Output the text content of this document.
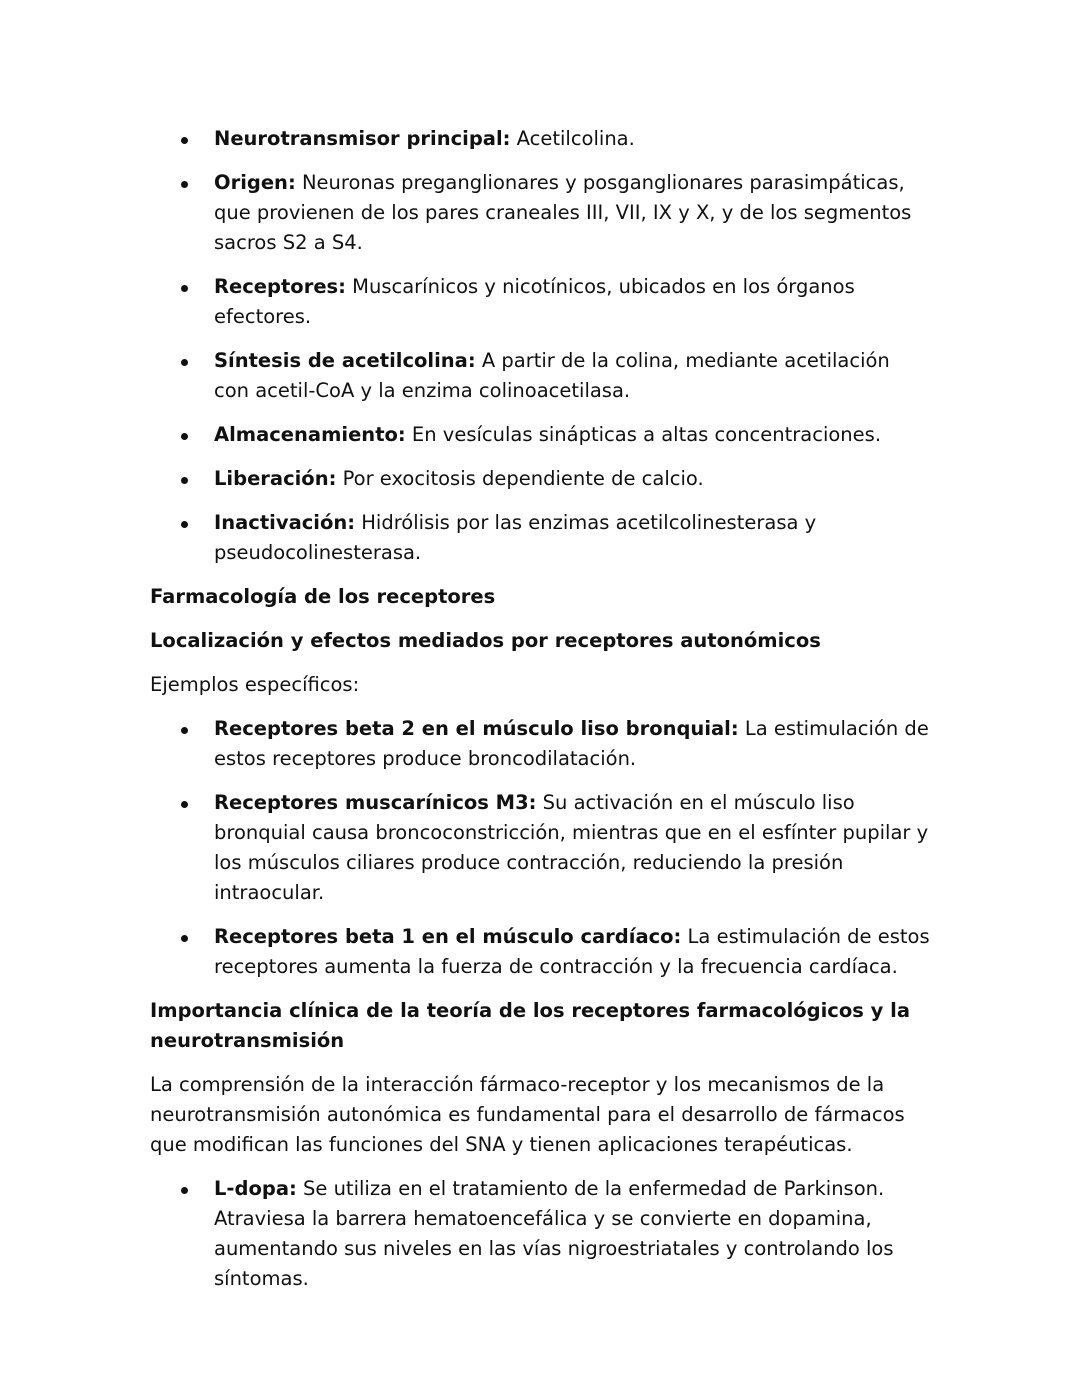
Neurotransmisor principal: Acetilcolina.
Origen: Neuronas preganglionares y posganglionares parasimpáticas, que provienen de los pares craneales III, VII, IX y X, y de los segmentos sacros S2 a S4.
Receptores: Muscarínicos y nicotínicos, ubicados en los órganos efectores.
Síntesis de acetilcolina: A partir de la colina, mediante acetilación con acetil-CoA y la enzima colinoacetilasa.
Almacenamiento: En vesículas sinápticas a altas concentraciones.
Liberación: Por exocitosis dependiente de calcio.
Inactivación: Hidrólisis por las enzimas acetilcolinesterasa y pseudocolinesterasa.
Farmacología de los receptores
Localización y efectos mediados por receptores autonómicos
Ejemplos específicos:
Receptores beta 2 en el músculo liso bronquial: La estimulación de estos receptores produce broncodilatación.
Receptores muscarínicos M3: Su activación en el músculo liso bronquial causa broncoconstricción, mientras que en el esfínter pupilar y los músculos ciliares produce contracción, reduciendo la presión intraocular.
Receptores beta 1 en el músculo cardíaco: La estimulación de estos receptores aumenta la fuerza de contracción y la frecuencia cardíaca.
Importancia clínica de la teoría de los receptores farmacológicos y la neurotransmisión
La comprensión de la interacción fármaco-receptor y los mecanismos de la neurotransmisión autonómica es fundamental para el desarrollo de fármacos que modifican las funciones del SNA y tienen aplicaciones terapéuticas.
L-dopa: Se utiliza en el tratamiento de la enfermedad de Parkinson. Atraviesa la barrera hematoencefálica y se convierte en dopamina, aumentando sus niveles en las vías nigroestriatales y controlando los síntomas.
